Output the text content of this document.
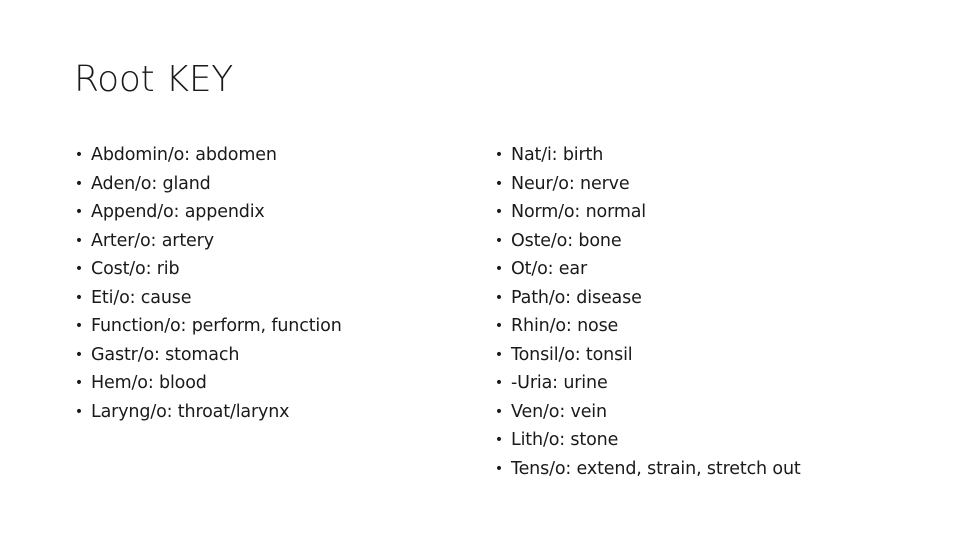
Root KEY
• Abdomin/o: abdomen
• Aden/o: gland
• Append/o: appendix
• Arter/o: artery
• Cost/o: rib
• Eti/o: cause
• Function/o: perform, function
• Gastr/o: stomach
• Hem/o: blood
• Laryng/o: throat/larynx
• Nat/i: birth
• Neur/o: nerve
• Norm/o: normal
• Oste/o: bone
• Ot/o: ear
• Path/o: disease
• Rhin/o: nose
• Tonsil/o: tonsil
• -Uria: urine
• Ven/o: vein
• Lith/o: stone
• Tens/o: extend, strain, stretch out
